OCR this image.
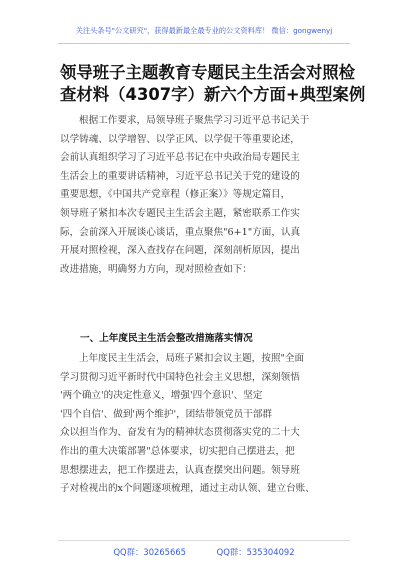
关注头条号"公文研究"，获得最新最全最专业的公文资料库！ 微信：gongwenyj
领导班子主题教育专题民主生活会对照检
查材料（4307字）新六个方面+典型案例
根据工作要求，局领导班子聚焦学习习近平总书记关于
以学铸魂、以学增智、以学正风、以学促干等重要论述，
会前认真组织学习了习近平总书记在中央政治局专题民主
生活会上的重要讲话精神，习近平总书记关于党的建设的
重要思想，《中国共产党章程（修正案）》等规定篇目，
领导班子紧扣本次专题民主生活会主题，紧密联系工作实
际，会前深入开展谈心谈话，重点聚焦"6+1"方面，认真
开展对照检视，深入查找存在问题，深刻剖析原因，提出
改进措施，明确努力方向，现对照检查如下：
一、上年度民主生活会整改措施落实情况
上年度民主生活会，局班子紧扣会议主题，按照"全面
学习贯彻习近平新时代中国特色社会主义思想，深刻领悟
'两个确立'的决定性意义，增强'四个意识'、坚定
'四个自信'、做到'两个维护'，团结带领党员干部群
众以担当作为、奋发有为的精神状态贯彻落实党的二十大
作出的重大决策部署"总体要求，切实把自己摆进去，把
思想摆进去，把工作摆进去，认真查摆突出问题。领导班
子对检视出的x个问题逐项梳理，通过主动认领、建立台账、
QQ群：30265665	QQ群：535304092
